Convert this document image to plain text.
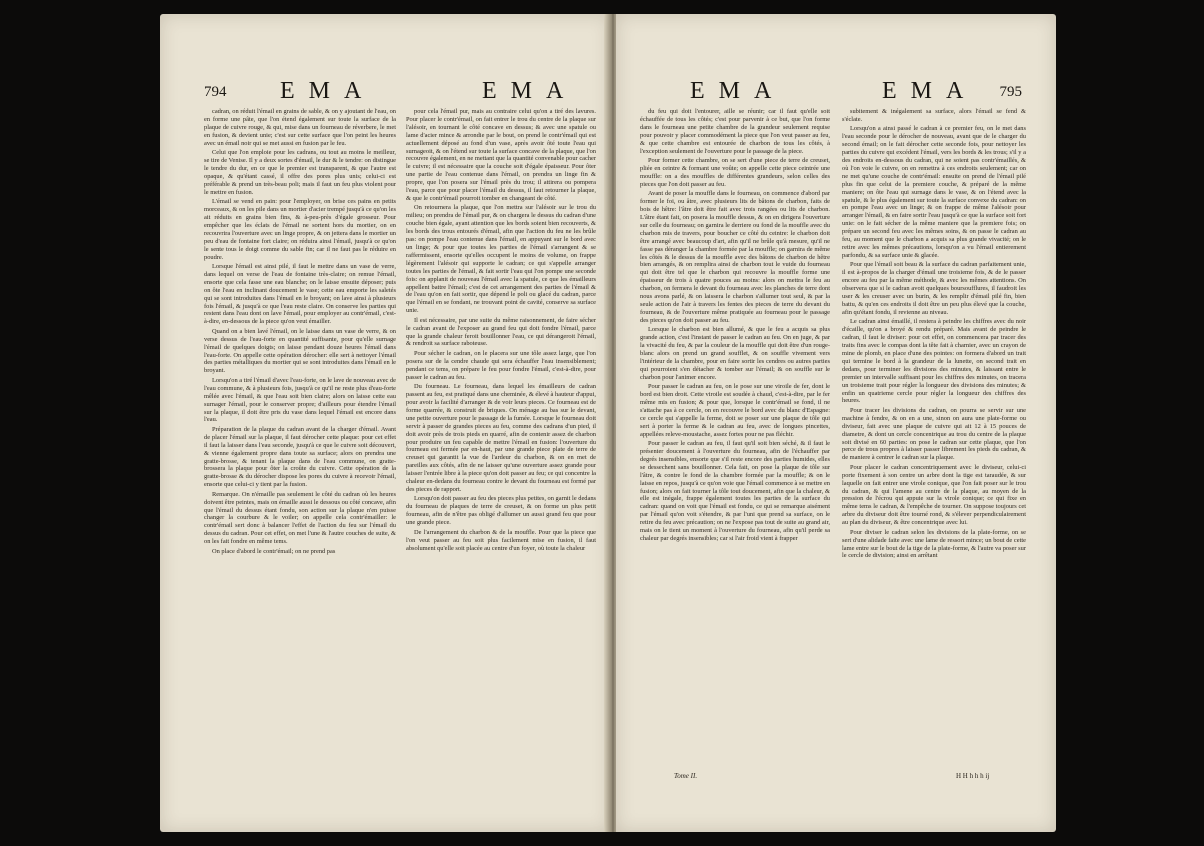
794 EMA	EMA

cadran, on réduit l'émail en grains de sable, & on y ajoutant de l'eau, on en forme une pâte, que l'on étend également sur toute la surface de la plaque de cuivre rouge, & qui, mise dans un fourneau de réverbere, le met en fusion, & devient unie; c'est sur cette surface que l'on peint les heures avec un émail noir qui se met aussi en fusion par le feu.

Celui que l'on emploie pour les cadrans, ou tout au moins le meilleur, se tire de Venise. Il y a deux sortes d'émail, le dur & le tendre: on distingue le tendre du dur, en ce que le premier est transparent, & que l'autre est opaque, & qu'étant cassé, il offre des pores plus unis; celui-ci est préférable & prend un très-beau poli; mais il faut un feu plus violent pour le mettre en fusion.

L'émail se vend en pain: pour l'employer, on brise ces pains en petits morceaux, & on les pile dans un mortier d'acier trempé jusqu'à ce qu'on les ait réduits en grains bien fins, & à-peu-près d'égale grosseur. Pour empêcher que les éclats de l'émail ne sortent hors du mortier, on en recouvrira l'ouverture avec un linge propre, & on jettera dans le mortier un peu d'eau de fontaine fort claire; on réduira ainsi l'émail, jusqu'à ce qu'on le sente tous le doigt comme du sable fin; car il ne faut pas le réduire en poudre.

Lorsque l'émail est ainsi pilé, il faut le mettre dans un vase de verre, dans lequel on verse de l'eau de fontaine très-claire; on remue l'émail, ensorte que cela fasse une eau blanche; on le laisse ensuite déposer; puis on ôte l'eau en inclinant doucement le vase; cette eau emporte les saletés qui se sont introduites dans l'émail en le broyant; on lave ainsi à plusieurs fois l'émail, & jusqu'à ce que l'eau reste claire. On conserve les parties qui restent dans l'eau dont on lave l'émail, pour employer au contr'émail, c'est-à-dire, en-dessous de la piece qu'on veut émailler.

Quand on a bien lavé l'émail, on le laisse dans un vase de verre, & on verse dessus de l'eau-forte en quantité suffisante, pour qu'elle surnage l'émail de quelques doigts; on laisse pendant douze heures l'émail dans l'eau-forte. On appelle cette opération dérocher: elle sert à nettoyer l'émail des parties métalliques du mortier qui se sont introduites dans l'émail en le broyant.

Lorsqu'on a tiré l'émail d'avec l'eau-forte, on le lave de nouveau avec de l'eau commune, & à plusieurs fois, jusqu'à ce qu'il ne reste plus d'eau-forte mêlée avec l'émail, & que l'eau soit bien claire; alors on laisse cette eau surnager l'émail, pour le conserver propre; d'ailleurs pour étendre l'émail sur la plaque, il doit être pris du vase dans lequel l'émail est encore dans l'eau.

Préparation de la plaque du cadran avant de la charger d'émail. Avant de placer l'émail sur la plaque, il faut dérocher cette plaque: pour cet effet il faut la laisser dans l'eau seconde, jusqu'à ce que le cuivre soit découvert, & vienne également propre dans toute sa surface; alors on prendra une gratte-brosse, & tenant la plaque dans de l'eau commune, on gratte-brossera la plaque pour ôter la croûte du cuivre. Cette opération de la gratte-brosse & du dérocher dispose les pores du cuivre à recevoir l'émail, ensorte que celui-ci y tient par la fusion.

Remarque. On n'émaille pas seulement le côté du cadran où les heures doivent être peintes, mais on émaille aussi le dessous ou côté concave, afin que l'émail du dessus étant fondu, son action sur la plaque n'en puisse changer la courbure & le voiler; on appelle cela contr'émailler: le contr'émail sert donc à balancer l'effet de l'action du feu sur l'émail du dessus du cadran. Pour cet effet, on met l'une & l'autre couches de suite, & on les fait fondre en même tems.

On place d'abord le contr'émail; on ne prend pas

pour cela l'émail pur, mais au contraire celui qu'on a tiré des lavures. Pour placer le contr'émail, on fait entrer le trou du centre de la plaque sur l'alésoir, en tournant le côté concave en dessus; & avec une spatule ou lame d'acier mince & arrondie par le bout, on prend le contr'émail qui est actuellement déposé au fond d'un vase, après avoir ôté toute l'eau qui surnageoit, & on l'étend sur toute la surface concave de la plaque, que l'on recouvre également, en ne mettant que la quantité convenable pour cacher le cuivre; il est nécessaire que la couche soit d'égale épaisseur. Pour ôter une partie de l'eau contenue dans l'émail, on prendra un linge fin & propre, que l'on posera sur l'émail près du trou; il attirera ou pompera l'eau, parce que pour placer l'émail du dessus, il faut retourner la plaque, & que le contr'émail pourroit tomber en changeant de côté.

On retournera la plaque, que l'on mettra sur l'alésoir sur le trou du milieu; on prendra de l'émail pur, & on chargera le dessus du cadran d'une couche bien égale, ayant attention que les bords soient bien recouverts, & les bords des trous entourés d'émail, afin que l'action du feu ne les brûle pas: on pompe l'eau contenue dans l'émail, en appuyant sur le bord avec un linge; & pour que toutes les parties de l'émail s'arrangent & se raffermissent, ensorte qu'elles occupent le moins de volume, on frappe légèrement l'alésoir qui supporte le cadran; ce qui s'appelle arranger toutes les parties de l'émail, & fait sortir l'eau qui l'on pompe une seconde fois: on applanit de nouveau l'émail avec la spatule, ce que les émailleurs appellent battre l'émail; c'est de cet arrangement des parties de l'émail & de l'eau qu'on en fait sortir, que dépend le poli ou glacé du cadran, parce que l'émail en se fondant, ne trouvant point de cavité, conserve sa surface unie.

Il est nécessaire, par une suite du même raisonnement, de faire sécher le cadran avant de l'exposer au grand feu qui doit fondre l'émail, parce que la grande chaleur feroit bouillonner l'eau, ce qui dérangeroit l'émail, & rendroit sa surface raboteuse.

Pour sécher le cadran, on le placera sur une tôle assez large, que l'on posera sur de la cendre chaude qui sera échauffer l'eau insensiblement; pendant ce tems, on prépare le feu pour fondre l'émail, c'est-à-dire, pour passer le cadran au feu.

Du fourneau. Le fourneau, dans lequel les émailleurs de cadran passent au feu, est pratiqué dans une cheminée, & élevé à hauteur d'appui, pour avoir la facilité d'arranger & de voir leurs pieces. Ce fourneau est de forme quarrée, & construit de briques. On ménage au bas sur le devant, une petite ouverture pour le passage de la fumée. Lorsque le fourneau doit servir à passer de grandes pieces au feu, comme des cadrans d'un pied, il doit avoir près de trois pieds en quarré, afin de contenir assez de charbon pour produire un feu capable de mettre l'émail en fusion: l'ouverture du fourneau est fermée par en-haut, par une grande piece plate de terre de creuset qui garantit la vue de l'ardeur du charbon, & on en met de pareilles aux côtés, afin de ne laisser qu'une ouverture assez grande pour laisser l'entrée libre à la piece qu'on doit passer au feu; ce qui concentre la chaleur en-dedans du fourneau contre le devant du fourneau est formé par des pieces de rapport.

Lorsqu'on doit passer au feu des pieces plus petites, on garnit le dedans du fourneau de plaques de terre de creuset, & on forme un plus petit fourneau, afin de n'être pas obligé d'allumer un aussi grand feu que pour une grande piece.

De l'arrangement du charbon & de la mouffle. Pour que la piece que l'on veut passer au feu soit plus facilement mise en fusion, il faut absolument qu'elle soit placée au centre d'un foyer, où toute la chaleur

EMA	EMA 795

du feu qui doit l'entourer, aille se réunir; car il faut qu'elle soit échauffée de tous les côtés; c'est pour parvenir à ce but, que l'on forme dans le fourneau une petite chambre de la grandeur seulement requise pour pouvoir y placer commodément la piece que l'on veut passer au feu, & que cette chambre est entourée de charbon de tous les côtés, à l'exception seulement de l'ouverture pour le passage de la piece.

Pour former cette chambre, on se sert d'une piece de terre de creuset, pliée en ceintre & formant une voûte; on appelle cette piece ceintrée une mouffle: on a des mouffles de différentes grandeurs, selon celles des pieces que l'on doit passer au feu.

Avant de poser la mouffle dans le fourneau, on commence d'abord par former le foi, ou âtre, avec plusieurs lits de bâtons de charbon, faits de bois de hêtre: l'âtre doit être fait avec trois rangées ou lits de charbon. L'âtre étant fait, on posera la mouffle dessus, & on en dirigera l'ouverture sur celle du fourneau; on garnira le derriere ou fond de la mouffle avec du charbon mis de travers, pour boucher ce côté du ceintre: le charbon doit être arrangé avec beaucoup d'art, afin qu'il ne brûle qu'à mesure, qu'il ne fasse pas déranger la chambre formée par la mouffle; on garnira de même les côtés & le dessus de la mouffle avec des bâtons de charbon de hêtre bien arrangés, & on remplira ainsi de charbon tout le vuide du fourneau qui doit être tel que le charbon qui recouvre la mouffle forme une épaisseur de trois à quatre pouces au moins: alors on mettra le feu au charbon, on fermera le devant du fourneau avec les planches de terre dont nous avons parlé, & on laissera le charbon s'allumer tout seul, & par la seule action de l'air à travers les fentes des pieces de terre du devant du fourneau, & de l'ouverture même pratiquée au fourneau pour le passage des pieces qu'on doit passer au feu.

Lorsque le charbon est bien allumé, & que le feu a acquis sa plus grande action, c'est l'instant de passer le cadran au feu. On en juge, & par la vivacité du feu, & par la couleur de la mouffle qui doit être d'un rouge-blanc alors on prend un grand soufflet, & on souffle vivement vers l'intérieur de la chambre, pour en faire sortir les cendres ou autres parties qui pourroient s'en détacher & tomber sur l'émail; & on souffle sur le charbon pour l'animer encore.

Pour passer le cadran au feu, on le pose sur une viroile de fer, dont le bord est bien droit. Cette viroile est soudée à chaud, c'est-à-dire, par le fer même mis en fusion; & pour que, lorsque le contr'émail se fond, il ne s'attache pas à ce cercle, on en recouvre le bord avec du blanc d'Espagne: ce cercle qui s'appelle la ferme, doit se poser sur une plaque de tôle qui sert à porter la ferme & le cadran au feu, avec de longues pincettes, appellées releve-moustache, assez fortes pour ne pas fléchir.

Pour passer le cadran au feu, il faut qu'il soit bien séché, & il faut le présenter doucement à l'ouverture du fourneau, afin de l'échauffer par degrés insensibles, ensorte que s'il reste encore des parties humides, elles se dessechent sans bouillonner. Cela fait, on pose la plaque de tôle sur l'âtre, & contre le fond de la chambre formée par la mouffle; & on le laisse en repos, jusqu'à ce qu'on voie que l'émail commence à se mettre en fusion; alors on fait tourner la tôle tout doucement, afin que la chaleur, & elle est inégale, frappe également toutes les parties de la surface du cadran: quand on voit que l'émail est fondu, ce qui se remarque aisément par l'émail qu'on voit s'étendre, & par l'uni que prend sa surface, on le retire du feu avec précaution; on ne l'expose pas tout de suite au grand air, mais on le tient un moment à l'ouverture du fourneau, afin qu'il perde sa chaleur par degrés insensibles; car si l'air froid vient à frapper

subitement & inégalement sa surface, alors l'émail se fend & s'éclate.

Lorsqu'on a ainsi passé le cadran à ce premier feu, on le met dans l'eau seconde pour le dérocher de nouveau, avant que de le charger du second émail; on le fait dérocher cette seconde fois, pour nettoyer les parties du cuivre qui excédent l'émail, vers les bords & les trous; s'il y a des endroits en-dessous du cadran, qui ne soient pas contr'émaillés, & où l'on voie le cuivre, on en remettra à ces endroits seulement; car on ne met qu'une couche de contr'émail: ensuite on prend de l'émail pilé plus fin que celui de la premiere couche, & préparé de la même maniere; on ôte l'eau qui surnage dans le vase, & on l'étend avec la spatule, & le plus également sur toute la surface convexe du cadran: on en pompe l'eau avec un linge; & on frappe de même l'alésoir pour arranger l'émail, & en faire sortir l'eau jusqu'à ce que la surface soit fort unie: on le fait sécher de la même maniere que la premiere fois; on prépare un second feu avec les mêmes soins, & on passe le cadran au feu, au moment que le charbon a acquis sa plus grande vivacité; on le retire avec les mêmes précautions, lorsqu'on a vu l'émail entierement parfondu, & sa surface unie & glacée.

Pour que l'émail soit beau & la surface du cadran parfaitement unie, il est à-propos de la charger d'émail une troisieme fois, & de le passer encore au feu par la même méthode, & avec les mêmes attentions. On observera que si le cadran avoit quelques boursoufflures, il faudroit les user & les creuser avec un burin, & les remplir d'émail pilé fin, bien battu, & qu'en ces endroits il doit être un peu plus élevé que la couche, afin qu'étant fondu, il revienne au niveau.

Le cadran ainsi émaillé, il restera à peindre les chiffres avec du noir d'écaille, qu'on a broyé & rendu préparé. Mais avant de peindre le cadran, il faut le diviser: pour cet effet, on commencera par tracer des traits fins avec le compas dont la tête fait à charnier, avec un crayon de mine de plomb, en place d'une des pointes: on formera d'abord un trait qui termine le bord à la grandeur de la lunette, on second trait en dedans, pour terminer les divisions des minutes, & laissant entre le premier un intervalle suffisant pour les chiffres des minutes, on tracera un troisieme trait pour régler la longueur des divisions des minutes; & enfin un quatrieme cercle pour régler la longueur des chiffres des heures.

Pour tracer les divisions du cadran, on pourra se servir sur une machine à fendre, & on en a une, sinon on aura une plate-forme ou diviseur, fait avec une plaque de cuivre qui ait 12 à 15 pouces de diametre, & dont un cercle concentrique au trou du centre de la plaque soit divisé en 60 parties: on pose le cadran sur cette plaque, que l'on perce de trous propres à laisser passer librement les pieds du cadran, & de maniere à centrer le cadran sur la plaque.

Pour placer le cadran concentriquement avec le diviseur, celui-ci porte fixement à son centre un arbre dont la tige est taraudée, & sur laquelle on fait entrer une virole conique, que l'on fait poser sur le trou du cadran, & qui l'amene au centre de la plaque, au moyen de la pression de l'écrou qui appuie sur la virole conique; ce qui fixe en même tems le cadran, & l'empêche de tourner. On suppose toujours cet arbre du diviseur doit être tourné rond, & s'élever perpendiculairement au plan du diviseur, & être concentrique avec lui.

Pour diviser le cadran selon les divisions de la plate-forme, on se sert d'une alidade faite avec une lame de ressort mince; un bout de cette lame entre sur le bout de la tige de la plate-forme, & l'autre va poser sur le cercle de division; ainsi en arrêtant

Tome II.	H H h h h ij
